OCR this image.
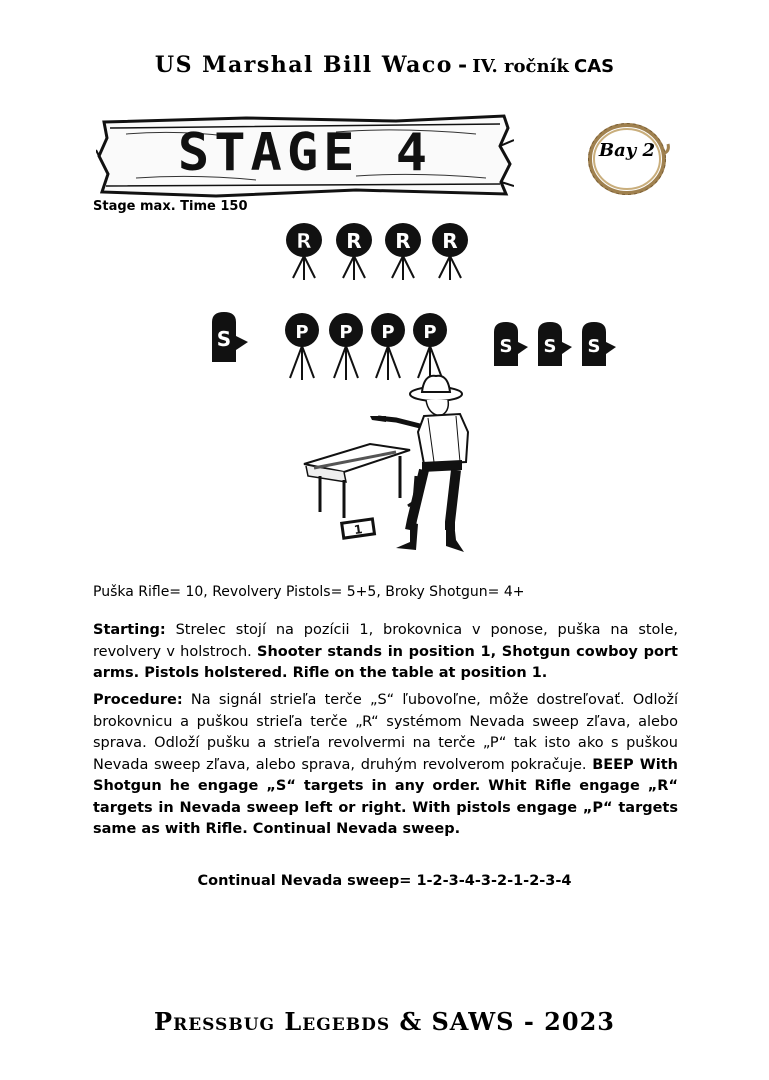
US Marshal Bill Waco - IV. ročník CAS
STAGE 4	Bay 2
Stage max. Time 150
R R R R
S	P P P P
S S S
1
Puška Rifle= 10, Revolvery Pistols= 5+5, Broky Shotgun= 4+
Starting: Strelec stojí na pozícii 1, brokovnica v ponose, puška na stole, revolvery v holstroch. Shooter stands in position 1, Shotgun cowboy port arms. Pistols holstered. Rifle on the table at position 1.
Procedure: Na signál strieľa terče „S“ ľubovoľne, môže dostreľovať. Odloží brokovnicu a puškou strieľa terče „R“ systémom Nevada sweep zľava, alebo sprava. Odloží pušku a strieľa revolvermi na terče „P“ tak isto ako s puškou Nevada sweep zľava, alebo sprava, druhým revolverom pokračuje. BEEP With Shotgun he engage „S“ targets in any order. Whit Rifle engage „R“ targets in Nevada sweep left or right. With pistols engage „P“ targets same as with Rifle. Continual Nevada sweep.
Continual Nevada sweep= 1-2-3-4-3-2-1-2-3-4
Pressbug Legebds & SAWS - 2023
